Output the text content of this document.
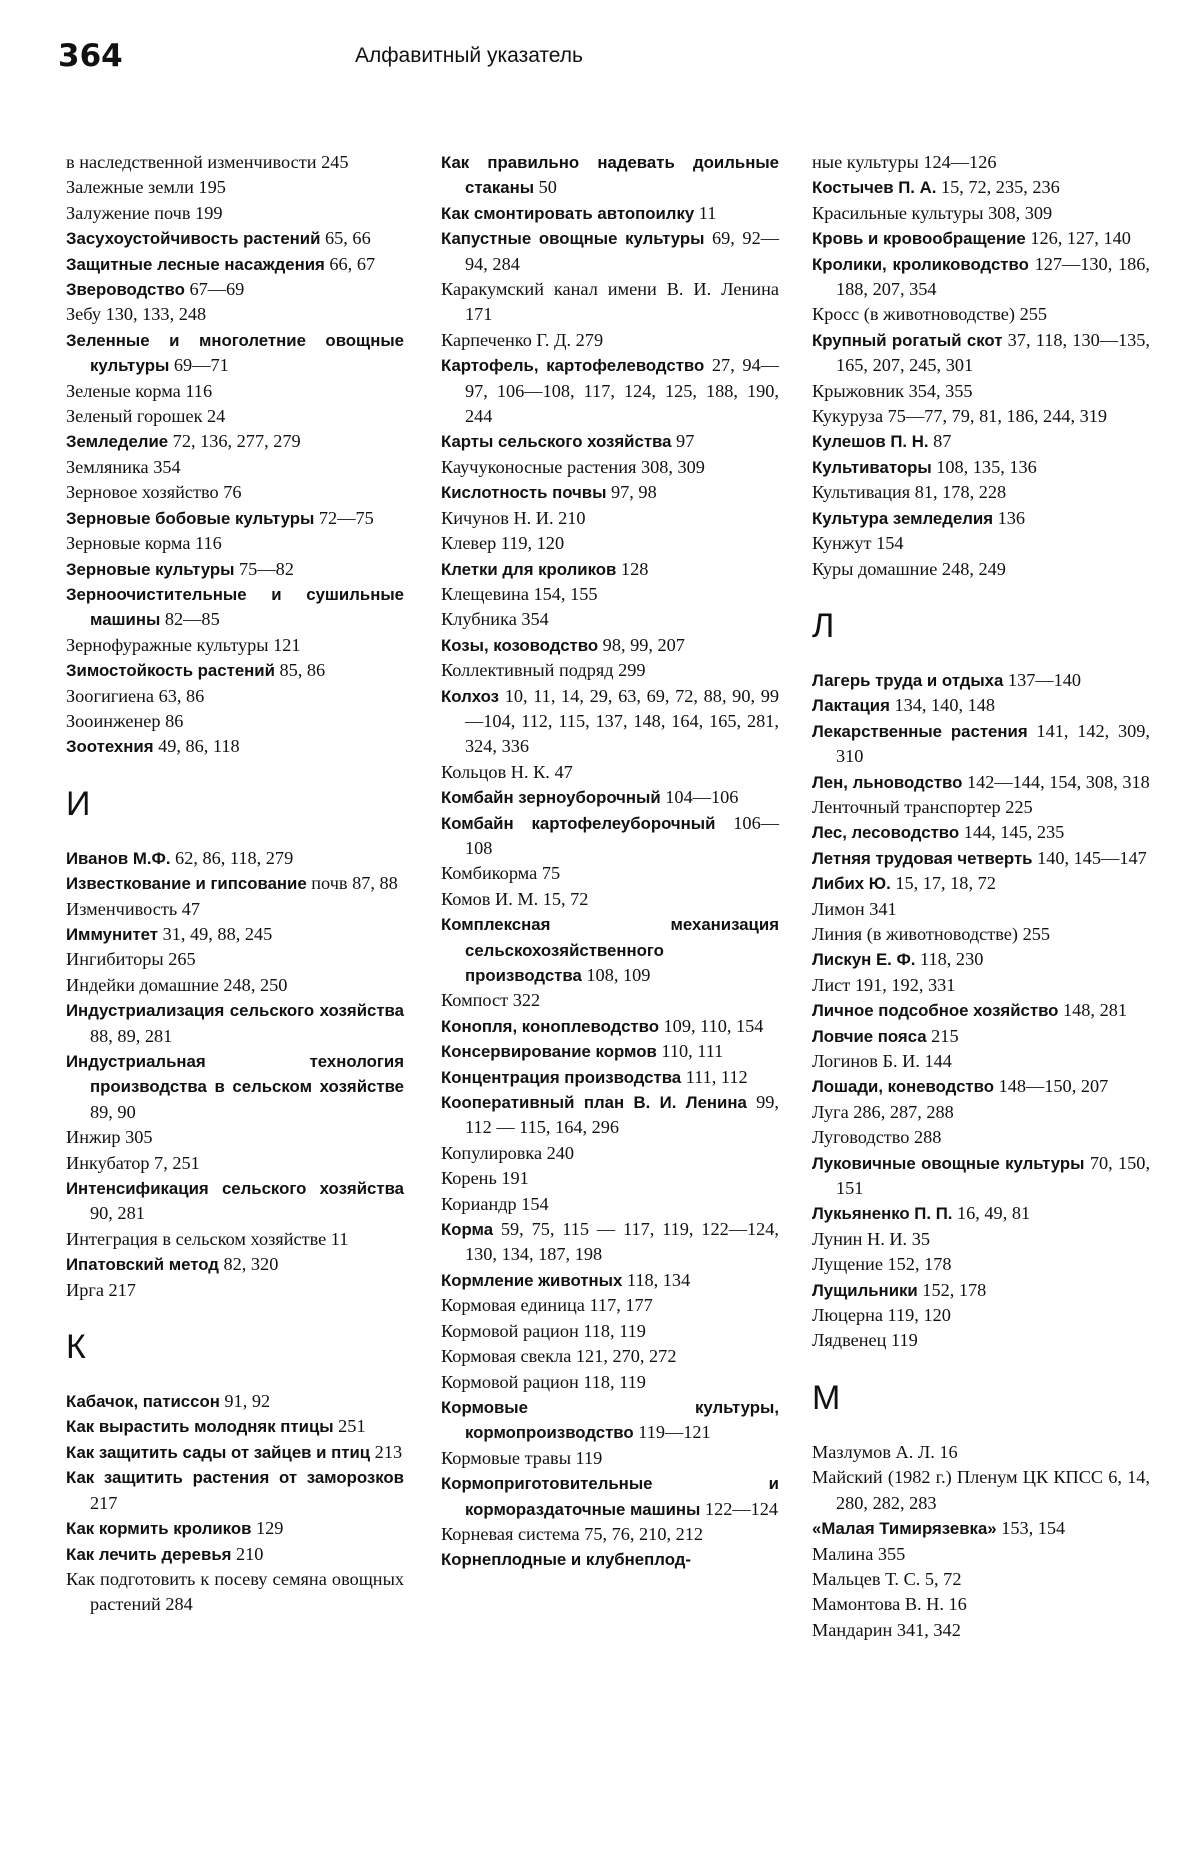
364	Алфавитный указатель
в наследственной изменчивости 245
Залежные земли 195
Залужение почв 199
Засухоустойчивость растений 65, 66
Защитные лесные насаждения 66, 67
Звероводство 67—69
Зебу 130, 133, 248
Зеленные и многолетние овощные культуры 69—71
Зеленые корма 116
Зеленый горошек 24
Земледелие 72, 136, 277, 279
Земляника 354
Зерновое хозяйство 76
Зерновые бобовые культуры 72—75
Зерновые корма 116
Зерновые культуры 75—82
Зерноочистительные и сушильные машины 82—85
Зернофуражные культуры 121
Зимостойкость растений 85, 86
Зоогигиена 63, 86
Зооинженер 86
Зоотехния 49, 86, 118
И
Иванов М.Ф. 62, 86, 118, 279
Известкование и гипсование почв 87, 88
Изменчивость 47
Иммунитет 31, 49, 88, 245
Ингибиторы 265
Индейки домашние 248, 250
Индустриализация сельского хозяйства 88, 89, 281
Индустриальная технология производства в сельском хозяйстве 89, 90
Инжир 305
Инкубатор 7, 251
Интенсификация сельского хозяйства 90, 281
Интеграция в сельском хозяйстве 11
Ипатовский метод 82, 320
Ирга 217
К
Кабачок, патиссон 91, 92
Как вырастить молодняк птицы 251
Как защитить сады от зайцев и птиц 213
Как защитить растения от заморозков 217
Как кормить кроликов 129
Как лечить деревья 210
Как подготовить к посеву семяна овощных растений 284
Как правильно надевать доильные стаканы 50
Как смонтировать автопоилку 11
Капустные овощные культуры 69, 92—94, 284
Каракумский канал имени В. И. Ленина 171
Карпеченко Г. Д. 279
Картофель, картофелеводство 27, 94—97, 106—108, 117, 124, 125, 188, 190, 244
Карты сельского хозяйства 97
Каучуконосные растения 308, 309
Кислотность почвы 97, 98
Кичунов Н. И. 210
Клевер 119, 120
Клетки для кроликов 128
Клещевина 154, 155
Клубника 354
Козы, козоводство 98, 99, 207
Коллективный подряд 299
Колхоз 10, 11, 14, 29, 63, 69, 72, 88, 90, 99—104, 112, 115, 137, 148, 164, 165, 281, 324, 336
Кольцов Н. К. 47
Комбайн зерноуборочный 104—106
Комбайн картофелеуборочный 106—108
Комбикорма 75
Комов И. М. 15, 72
Комплексная механизация сельскохозяйственного производства 108, 109
Компост 322
Конопля, коноплеводство 109, 110, 154
Консервирование кормов 110, 111
Концентрация производства 111, 112
Кооперативный план В. И. Ленина 99, 112 — 115, 164, 296
Копулировка 240
Корень 191
Кориандр 154
Корма 59, 75, 115 — 117, 119, 122—124, 130, 134, 187, 198
Кормление животных 118, 134
Кормовая единица 117, 177
Кормовой рацион 118, 119
Кормовая свекла 121, 270, 272
Кормовой рацион 118, 119
Кормовые культуры, кормопроизводство 119—121
Кормовые травы 119
Кормоприготовительные и кормораздаточные машины 122—124
Корневая система 75, 76, 210, 212
Корнеплодные и клубнеплод-
ные культуры 124—126
Костычев П. А. 15, 72, 235, 236
Красильные культуры 308, 309
Кровь и кровообращение 126, 127, 140
Кролики, кролиководство 127—130, 186, 188, 207, 354
Кросс (в животноводстве) 255
Крупный рогатый скот 37, 118, 130—135, 165, 207, 245, 301
Крыжовник 354, 355
Кукуруза 75—77, 79, 81, 186, 244, 319
Кулешов П. Н. 87
Культиваторы 108, 135, 136
Культивация 81, 178, 228
Культура земледелия 136
Кунжут 154
Куры домашние 248, 249
Л
Лагерь труда и отдыха 137—140
Лактация 134, 140, 148
Лекарственные растения 141, 142, 309, 310
Лен, льноводство 142—144, 154, 308, 318
Ленточный транспортер 225
Лес, лесоводство 144, 145, 235
Летняя трудовая четверть 140, 145—147
Либих Ю. 15, 17, 18, 72
Лимон 341
Линия (в животноводстве) 255
Лискун Е. Ф. 118, 230
Лист 191, 192, 331
Личное подсобное хозяйство 148, 281
Ловчие пояса 215
Логинов Б. И. 144
Лошади, коневодство 148—150, 207
Луга 286, 287, 288
Луговодство 288
Луковичные овощные культуры 70, 150, 151
Лукьяненко П. П. 16, 49, 81
Лунин Н. И. 35
Лущение 152, 178
Лущильники 152, 178
Люцерна 119, 120
Лядвенец 119
М
Мазлумов А. Л. 16
Майский (1982 г.) Пленум ЦК КПСС 6, 14, 280, 282, 283
«Малая Тимирязевка» 153, 154
Малина 355
Мальцев Т. С. 5, 72
Мамонтова В. Н. 16
Мандарин 341, 342
